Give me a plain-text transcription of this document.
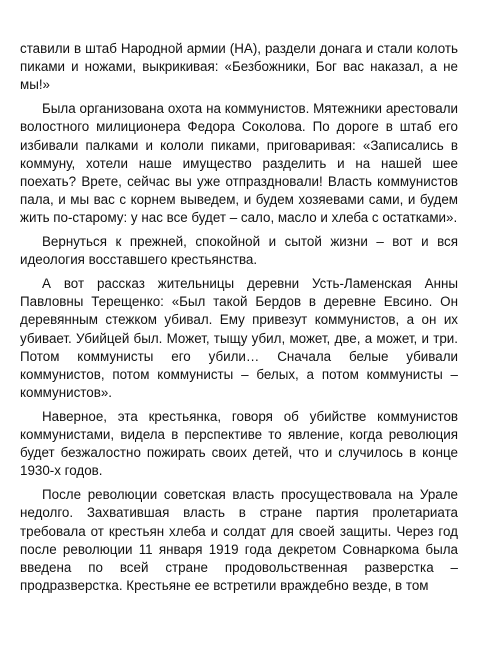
ставили в штаб Народной армии (НА), раздели донага и стали колоть пиками и ножами, выкрикивая: «Безбожники, Бог вас наказал, а не мы!»

Была организована охота на коммунистов. Мятежники арестовали волостного милиционера Федора Соколова. По дороге в штаб его избивали палками и кололи пиками, приговаривая: «Записались в коммуну, хотели наше имущество разделить и на нашей шее поехать? Врете, сейчас вы уже отпраздновали! Власть коммунистов пала, и мы вас с корнем выведем, и будем хозяевами сами, и будем жить по-старому: у нас все будет – сало, масло и хлеба с остатками».

Вернуться к прежней, спокойной и сытой жизни – вот и вся идеология восставшего крестьянства.

А вот рассказ жительницы деревни Усть-Ламенская Анны Павловны Терещенко: «Был такой Бердов в деревне Евсино. Он деревянным стежком убивал. Ему привезут коммунистов, а он их убивает. Убийцей был. Может, тыщу убил, может, две, а может, и три. Потом коммунисты его убили… Сначала белые убивали коммунистов, потом коммунисты – белых, а потом коммунисты – коммунистов».

Наверное, эта крестьянка, говоря об убийстве коммунистов коммунистами, видела в перспективе то явление, когда революция будет безжалостно пожирать своих детей, что и случилось в конце 1930-х годов.

После революции советская власть просуществовала на Урале недолго. Захватившая власть в стране партия пролетариата требовала от крестьян хлеба и солдат для своей защиты. Через год после революции 11 января 1919 года декретом Совнаркома была введена по всей стране продовольственная разверстка – продразверстка. Крестьяне ее встретили враждебно везде, в том
